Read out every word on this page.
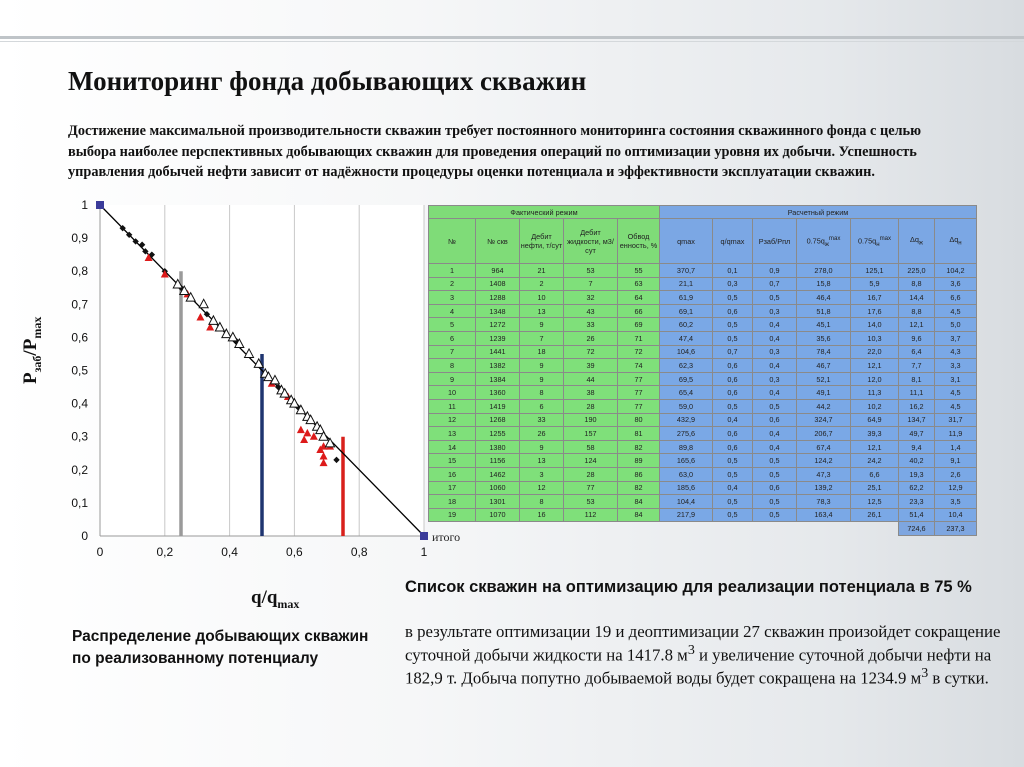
Мониторинг фонда добывающих скважин

Достижение максимальной производительности скважин требует постоянного мониторинга состояния скважинного фонда с целью выбора наиболее перспективных добывающих скважин для проведения операций по оптимизации уровня их добычи. Успешность управления добычей нефти зависит от надёжности процедуры оценки потенциала и эффективности эксплуатации скважин.

0
0,1
0,2
0,3
0,4
0,5
0,6
0,7
0,8
0,9
1
0	0,2	0,4	0,6	0,8	1
итого
$P_{заб}/P_{max}$
$q/q_{max}$
Фактический режим					Расчетный режим						
№	№ скв	Дебит нефти, т/сут	Дебит жидкости, м3/сут	Обвод енность, %	qmax	q/qmax	Pзаб/Pпл	$0.75q_ж^{max}$	$0.75q_н^{max}$	$\Delta q_ж$	$\Delta q_н$
1	964	21	53	55	370,7	0,1	0,9	278,0	125,1	225,0	104,2
2	1408	2	7	63	21,1	0,3	0,7	15,8	5,9	8,8	3,6
3	1288	10	32	64	61,9	0,5	0,5	46,4	16,7	14,4	6,6
4	1348	13	43	66	69,1	0,6	0,3	51,8	17,6	8,8	4,5
5	1272	9	33	69	60,2	0,5	0,4	45,1	14,0	12,1	5,0
6	1239	7	26	71	47,4	0,5	0,4	35,6	10,3	9,6	3,7
7	1441	18	72	72	104,6	0,7	0,3	78,4	22,0	6,4	4,3
8	1382	9	39	74	62,3	0,6	0,4	46,7	12,1	7,7	3,3
9	1384	9	44	77	69,5	0,6	0,3	52,1	12,0	8,1	3,1
10	1360	8	38	77	65,4	0,6	0,4	49,1	11,3	11,1	4,5
11	1419	6	28	77	59,0	0,5	0,5	44,2	10,2	16,2	4,5
12	1268	33	190	80	432,9	0,4	0,6	324,7	64,9	134,7	31,7
13	1255	26	157	81	275,6	0,6	0,4	206,7	39,3	49,7	11,9
14	1380	9	58	82	89,8	0,6	0,4	67,4	12,1	9,4	1,4
15	1156	13	124	89	165,6	0,5	0,5	124,2	24,2	40,2	9,1
16	1462	3	28	86	63,0	0,5	0,5	47,3	6,6	19,3	2,6
17	1060	12	77	82	185,6	0,4	0,6	139,2	25,1	62,2	12,9
18	1301	8	53	84	104,4	0,5	0,5	78,3	12,5	23,3	3,5
19	1070	16	112	84	217,9	0,5	0,5	163,4	26,1	51,4	10,4
										724,6	237,3

Распределение добывающих скважин по реализованному потенциалу

Список скважин на оптимизацию для реализации потенциала в 75 %

в результате оптимизации 19 и деоптимизации 27 скважин произойдет сокращение суточной добычи жидкости на 1417.8 $м^3$ и увеличение суточной добычи нефти на 182,9 т. Добыча попутно добываемой воды будет сокращена на 1234.9 $м^3$ в сутки.
